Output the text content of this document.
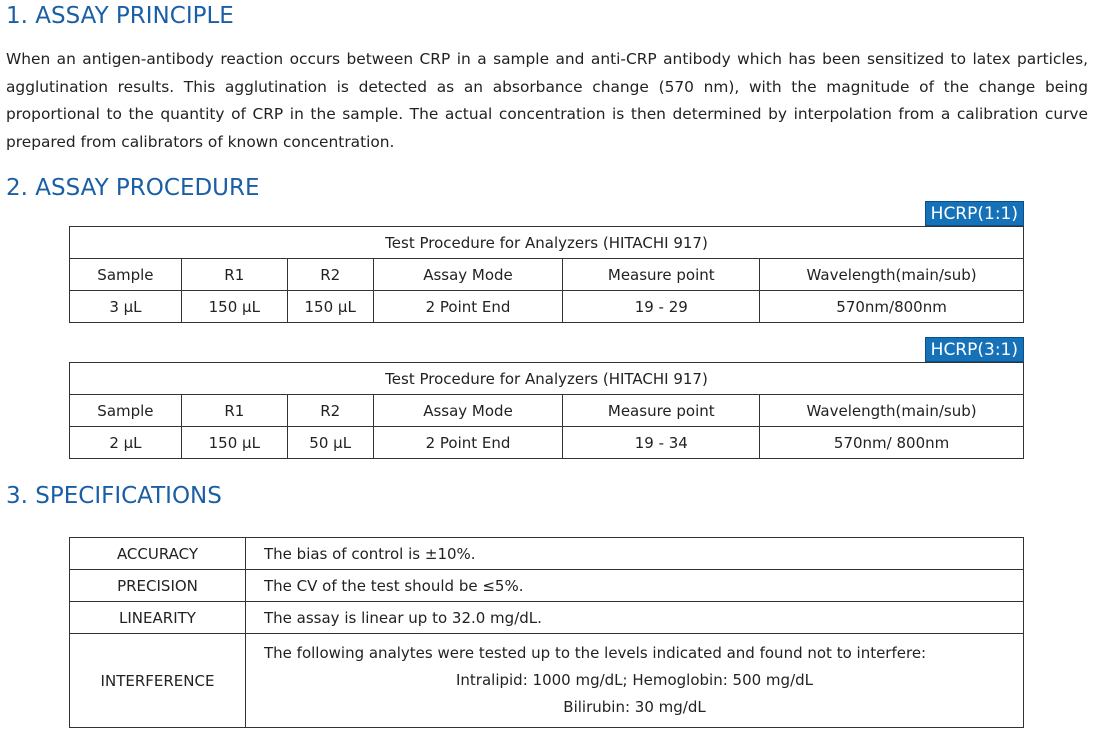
1. ASSAY PRINCIPLE

When an antigen-antibody reaction occurs between CRP in a sample and anti-CRP antibody which has been sensitized to latex particles, agglutination results. This agglutination is detected as an absorbance change (570 nm), with the magnitude of the change being proportional to the quantity of CRP in the sample. The actual concentration is then determined by interpolation from a calibration curve prepared from calibrators of known concentration.

2. ASSAY PROCEDURE
HCRP(1:1)
Test Procedure for Analyzers (HITACHI 917)					
Sample	R1	R2	Assay Mode	Measure point	Wavelength(main/sub)
3 µL	150 µL	150 µL	2 Point End	19 - 29	570nm/800nm
HCRP(3:1)
Test Procedure for Analyzers (HITACHI 917)					
Sample	R1	R2	Assay Mode	Measure point	Wavelength(main/sub)
2 µL	150 µL	50 µL	2 Point End	19 - 34	570nm/ 800nm
3. SPECIFICATIONS
ACCURACY	The bias of control is ±10%.
PRECISION	The CV of the test should be ≤5%.
LINEARITY	The assay is linear up to 32.0 mg/dL.
INTERFERENCE	The following analytes were tested up to the levels indicated and found not to interfere:
Intralipid: 1000 mg/dL; Hemoglobin: 500 mg/dL
Bilirubin: 30 mg/dL
